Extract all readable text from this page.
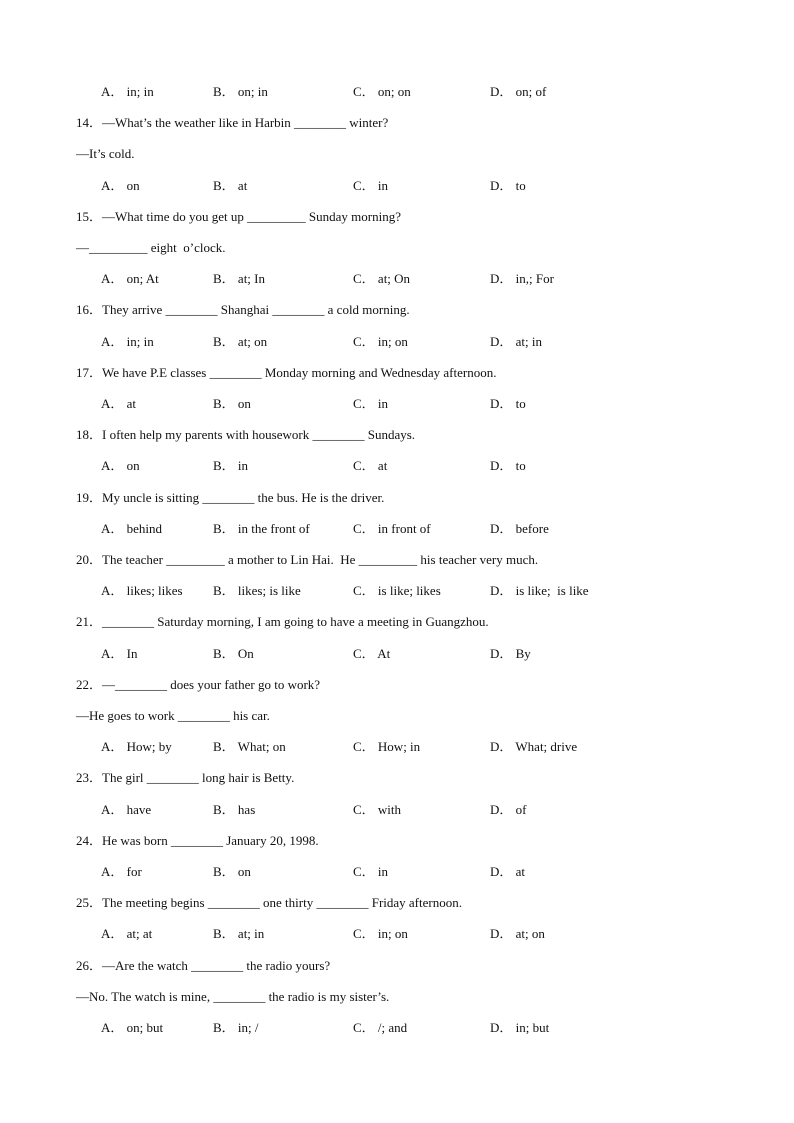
A． in; in	B． on; in	C． on; on	D． on; of
14．—What’s the weather like in Harbin ________ winter?
—It’s cold.
A． on	B． at	C． in	D． to
15．—What time do you get up _________ Sunday morning?
—_________ eight  o’clock.
A． on; At	B． at; In	C． at; On	D． in,; For
16．They arrive ________ Shanghai ________ a cold morning.
A． in; in	B． at; on	C． in; on	D． at; in
17．We have P.E classes ________ Monday morning and Wednesday afternoon.
A． at	B． on	C． in	D． to
18．I often help my parents with housework ________ Sundays.
A． on	B． in	C． at	D． to
19．My uncle is sitting ________ the bus. He is the driver.
A． behind	B． in the front of	C． in front of	D． before
20．The teacher _________ a mother to Lin Hai.  He _________ his teacher very much.
A． likes; likes B． likes; is like	C． is like; likes	D． is like;  is like
21．________ Saturday morning, I am going to have a meeting in Guangzhou.
A． In	B． On	C． At	D． By
22．—________ does your father go to work?
—He goes to work ________ his car.
A． How; by	B． What; on	C． How; in	D． What; drive
23．The girl ________ long hair is Betty.
A． have	B． has	C． with	D． of
24．He was born ________ January 20, 1998.
A． for	B． on	C． in	D． at
25．The meeting begins ________ one thirty ________ Friday afternoon.
A． at; at	B． at; in	C． in; on	D． at; on
26．—Are the watch ________ the radio yours?
—No. The watch is mine, ________ the radio is my sister’s.
A． on; but	B． in; /	C． /; and	D． in; but
